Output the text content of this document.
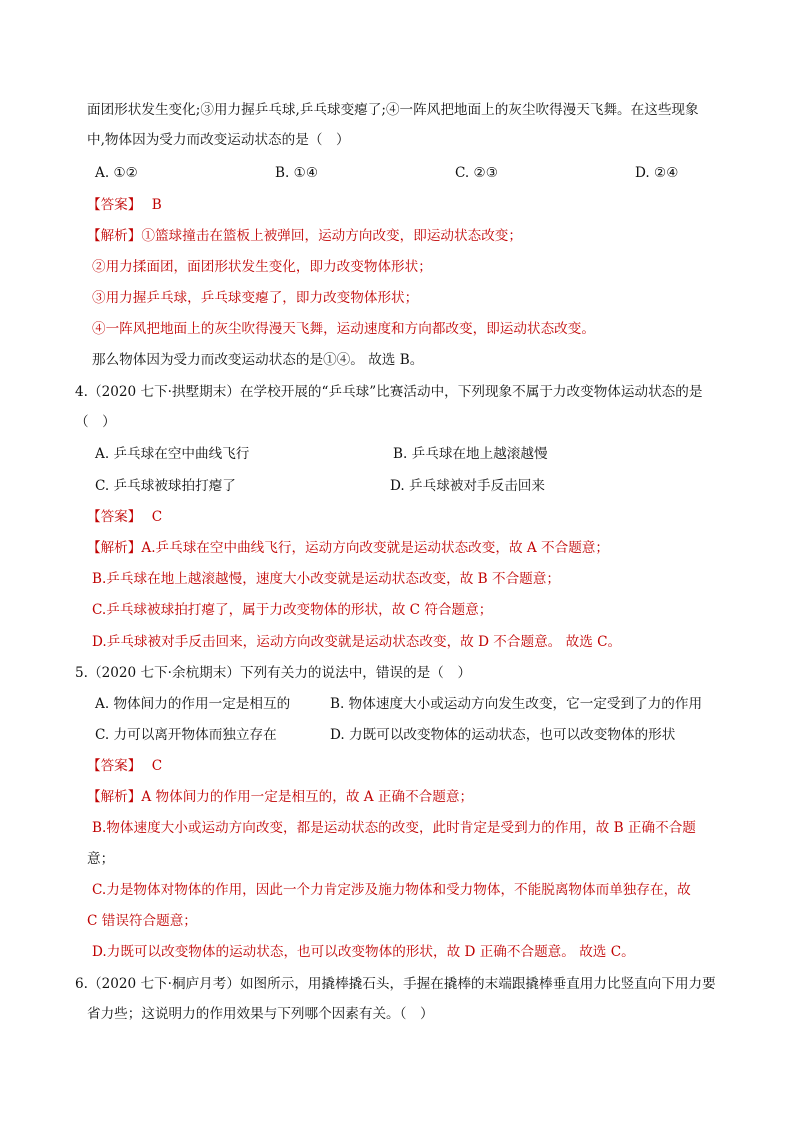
面团形状发生变化;③用力握乒乓球,乒乓球变瘪了;④一阵风把地面上的灰尘吹得漫天飞舞。在这些现象
中,物体因为受力而改变运动状态的是（　）
A. ①②	B. ①④	C. ②③	D. ②④
【答案】 B
【解析】①篮球撞击在篮板上被弹回，运动方向改变，即运动状态改变；
②用力揉面团，面团形状发生变化，即力改变物体形状；
③用力握乒乓球，乒乓球变瘪了，即力改变物体形状；
④一阵风把地面上的灰尘吹得漫天飞舞，运动速度和方向都改变，即运动状态改变。
那么物体因为受力而改变运动状态的是①④。 故选 B。
4.（2020 七下·拱墅期末）在学校开展的“乒乓球”比赛活动中，下列现象不属于力改变物体运动状态的是
（　）
A. 乒乓球在空中曲线飞行	B. 乒乓球在地上越滚越慢
C. 乒乓球被球拍打瘪了	D. 乒乓球被对手反击回来
【答案】 C
【解析】A.乒乓球在空中曲线飞行，运动方向改变就是运动状态改变，故 A 不合题意；
B.乒乓球在地上越滚越慢，速度大小改变就是运动状态改变，故 B 不合题意；
C.乒乓球被球拍打瘪了，属于力改变物体的形状，故 C 符合题意；
D.乒乓球被对手反击回来，运动方向改变就是运动状态改变，故 D 不合题意。 故选 C。
5.（2020 七下·余杭期末）下列有关力的说法中，错误的是（　）
A. 物体间力的作用一定是相互的	B. 物体速度大小或运动方向发生改变，它一定受到了力的作用
C. 力可以离开物体而独立存在	D. 力既可以改变物体的运动状态，也可以改变物体的形状
【答案】 C
【解析】A 物体间力的作用一定是相互的，故 A 正确不合题意；
B.物体速度大小或运动方向改变，都是运动状态的改变，此时肯定是受到力的作用，故 B 正确不合题
意；
C.力是物体对物体的作用，因此一个力肯定涉及施力物体和受力物体，不能脱离物体而单独存在，故
C 错误符合题意；
D.力既可以改变物体的运动状态，也可以改变物体的形状，故 D 正确不合题意。 故选 C。
6.（2020 七下·桐庐月考）如图所示，用撬棒撬石头，手握在撬棒的末端跟撬棒垂直用力比竖直向下用力要
省力些；这说明力的作用效果与下列哪个因素有关。（　）
